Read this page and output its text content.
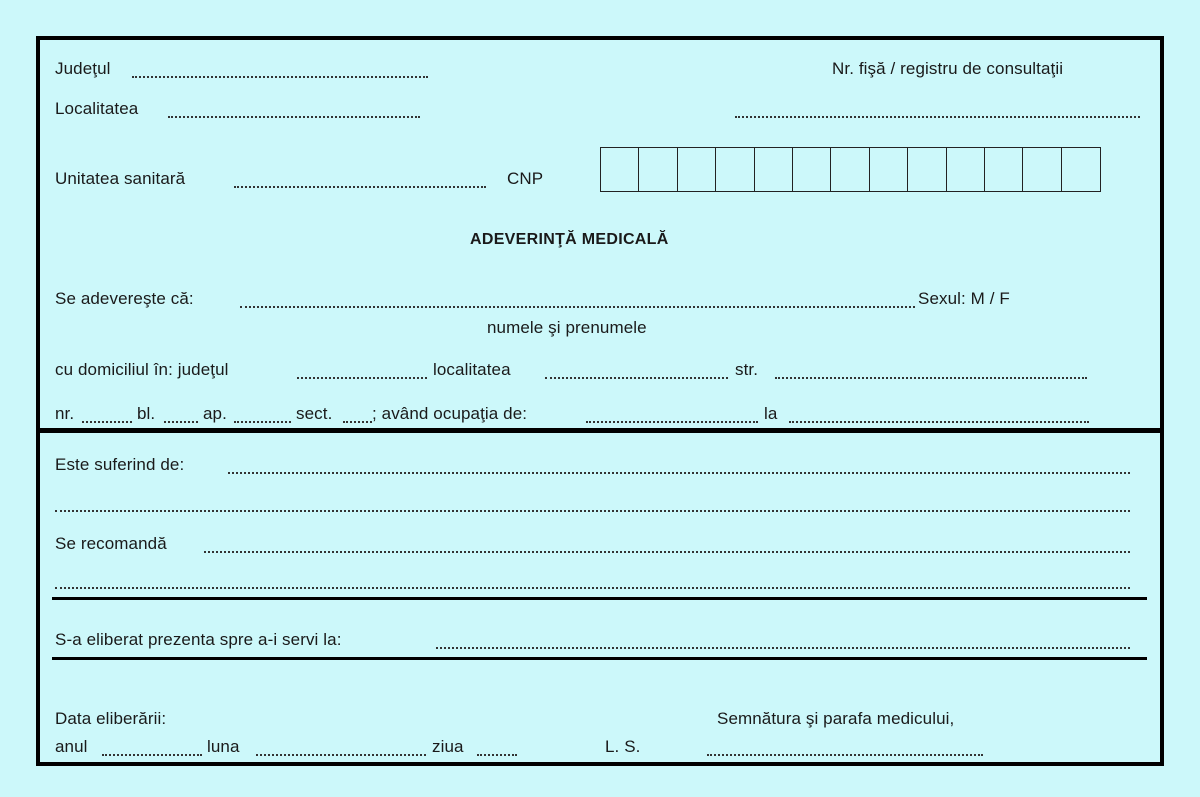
Judeţul	Nr. fişă / registru de consultaţii
Localitatea
Unitatea sanitară	CNP
ADEVERINŢĂ MEDICALĂ
Se adevereşte că:	Sexul: M / F
numele şi prenumele
cu domiciliul în: judeţul	localitatea	str.
nr.	bl.	ap.	sect. ; având ocupaţia de:	la
Este suferind de:
Se recomandă
S-a eliberat prezenta spre a-i servi la:
Data eliberării:	Semnătura şi parafa medicului,
anul	luna	ziua	L. S.
